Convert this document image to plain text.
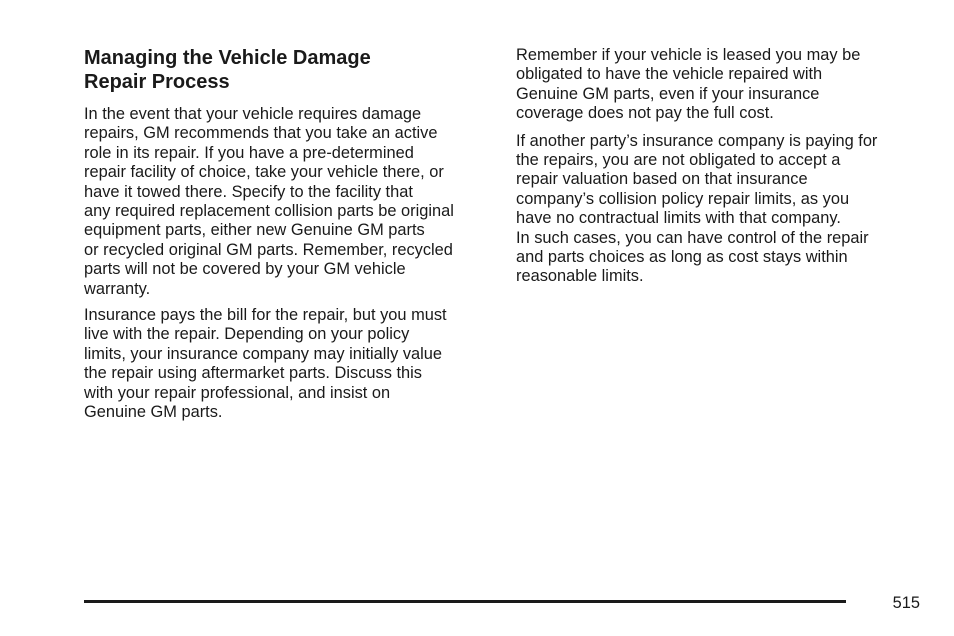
Managing the Vehicle Damage
Repair Process

In the event that your vehicle requires damage
repairs, GM recommends that you take an active
role in its repair. If you have a pre-determined
repair facility of choice, take your vehicle there, or
have it towed there. Specify to the facility that
any required replacement collision parts be original
equipment parts, either new Genuine GM parts
or recycled original GM parts. Remember, recycled
parts will not be covered by your GM vehicle
warranty.

Insurance pays the bill for the repair, but you must
live with the repair. Depending on your policy
limits, your insurance company may initially value
the repair using aftermarket parts. Discuss this
with your repair professional, and insist on
Genuine GM parts.

Remember if your vehicle is leased you may be
obligated to have the vehicle repaired with
Genuine GM parts, even if your insurance
coverage does not pay the full cost.

If another party’s insurance company is paying for
the repairs, you are not obligated to accept a
repair valuation based on that insurance
company’s collision policy repair limits, as you
have no contractual limits with that company.

In such cases, you can have control of the repair
and parts choices as long as cost stays within
reasonable limits.

515
